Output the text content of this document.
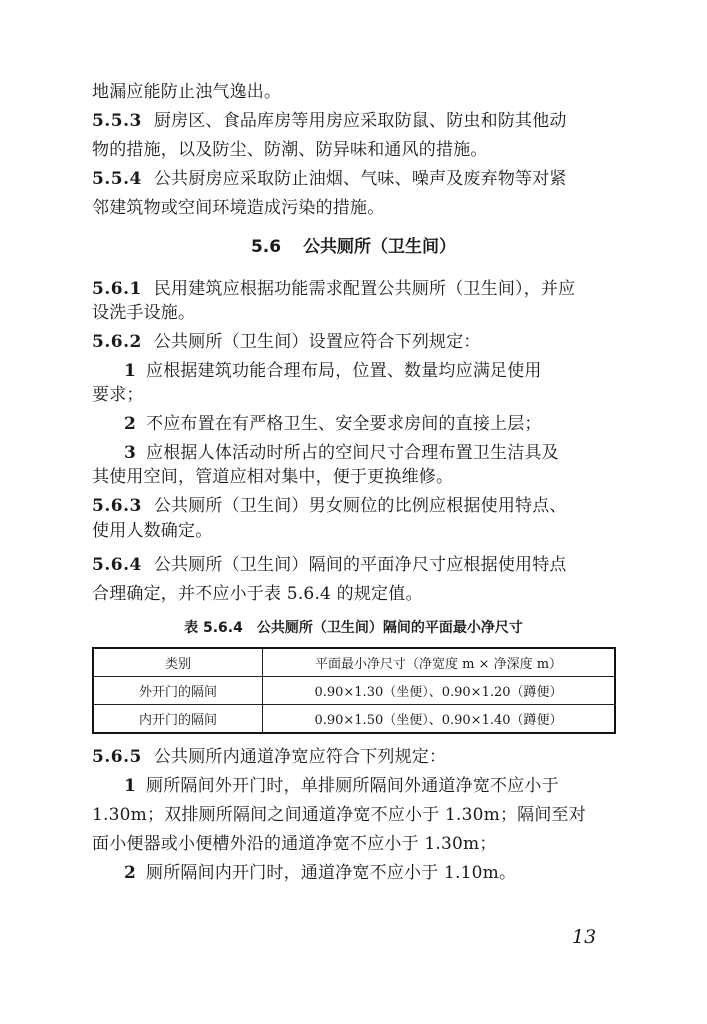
地漏应能防止浊气逸出。
5.5.3 厨房区、食品库房等用房应采取防鼠、防虫和防其他动
物的措施，以及防尘、防潮、防异味和通风的措施。
5.5.4 公共厨房应采取防止油烟、气味、噪声及废弃物等对紧
邻建筑物或空间环境造成污染的措施。
5.6 公共厕所（卫生间）
5.6.1 民用建筑应根据功能需求配置公共厕所（卫生间），并应
设洗手设施。
5.6.2 公共厕所（卫生间）设置应符合下列规定：
1 应根据建筑功能合理布局，位置、数量均应满足使用
要求；
2 不应布置在有严格卫生、安全要求房间的直接上层；
3 应根据人体活动时所占的空间尺寸合理布置卫生洁具及
其使用空间，管道应相对集中，便于更换维修。
5.6.3 公共厕所（卫生间）男女厕位的比例应根据使用特点、
使用人数确定。
5.6.4 公共厕所（卫生间）隔间的平面净尺寸应根据使用特点
合理确定，并不应小于表 5.6.4 的规定值。
表 5.6.4 公共厕所（卫生间）隔间的平面最小净尺寸
类别	平面最小净尺寸（净宽度 m × 净深度 m）
外开门的隔间	0.90×1.30（坐便）、0.90×1.20（蹲便）
内开门的隔间	0.90×1.50（坐便）、0.90×1.40（蹲便）
5.6.5 公共厕所内通道净宽应符合下列规定：
1 厕所隔间外开门时，单排厕所隔间外通道净宽不应小于
1.30m；双排厕所隔间之间通道净宽不应小于 1.30m；隔间至对
面小便器或小便槽外沿的通道净宽不应小于 1.30m；
2 厕所隔间内开门时，通道净宽不应小于 1.10m。
13
